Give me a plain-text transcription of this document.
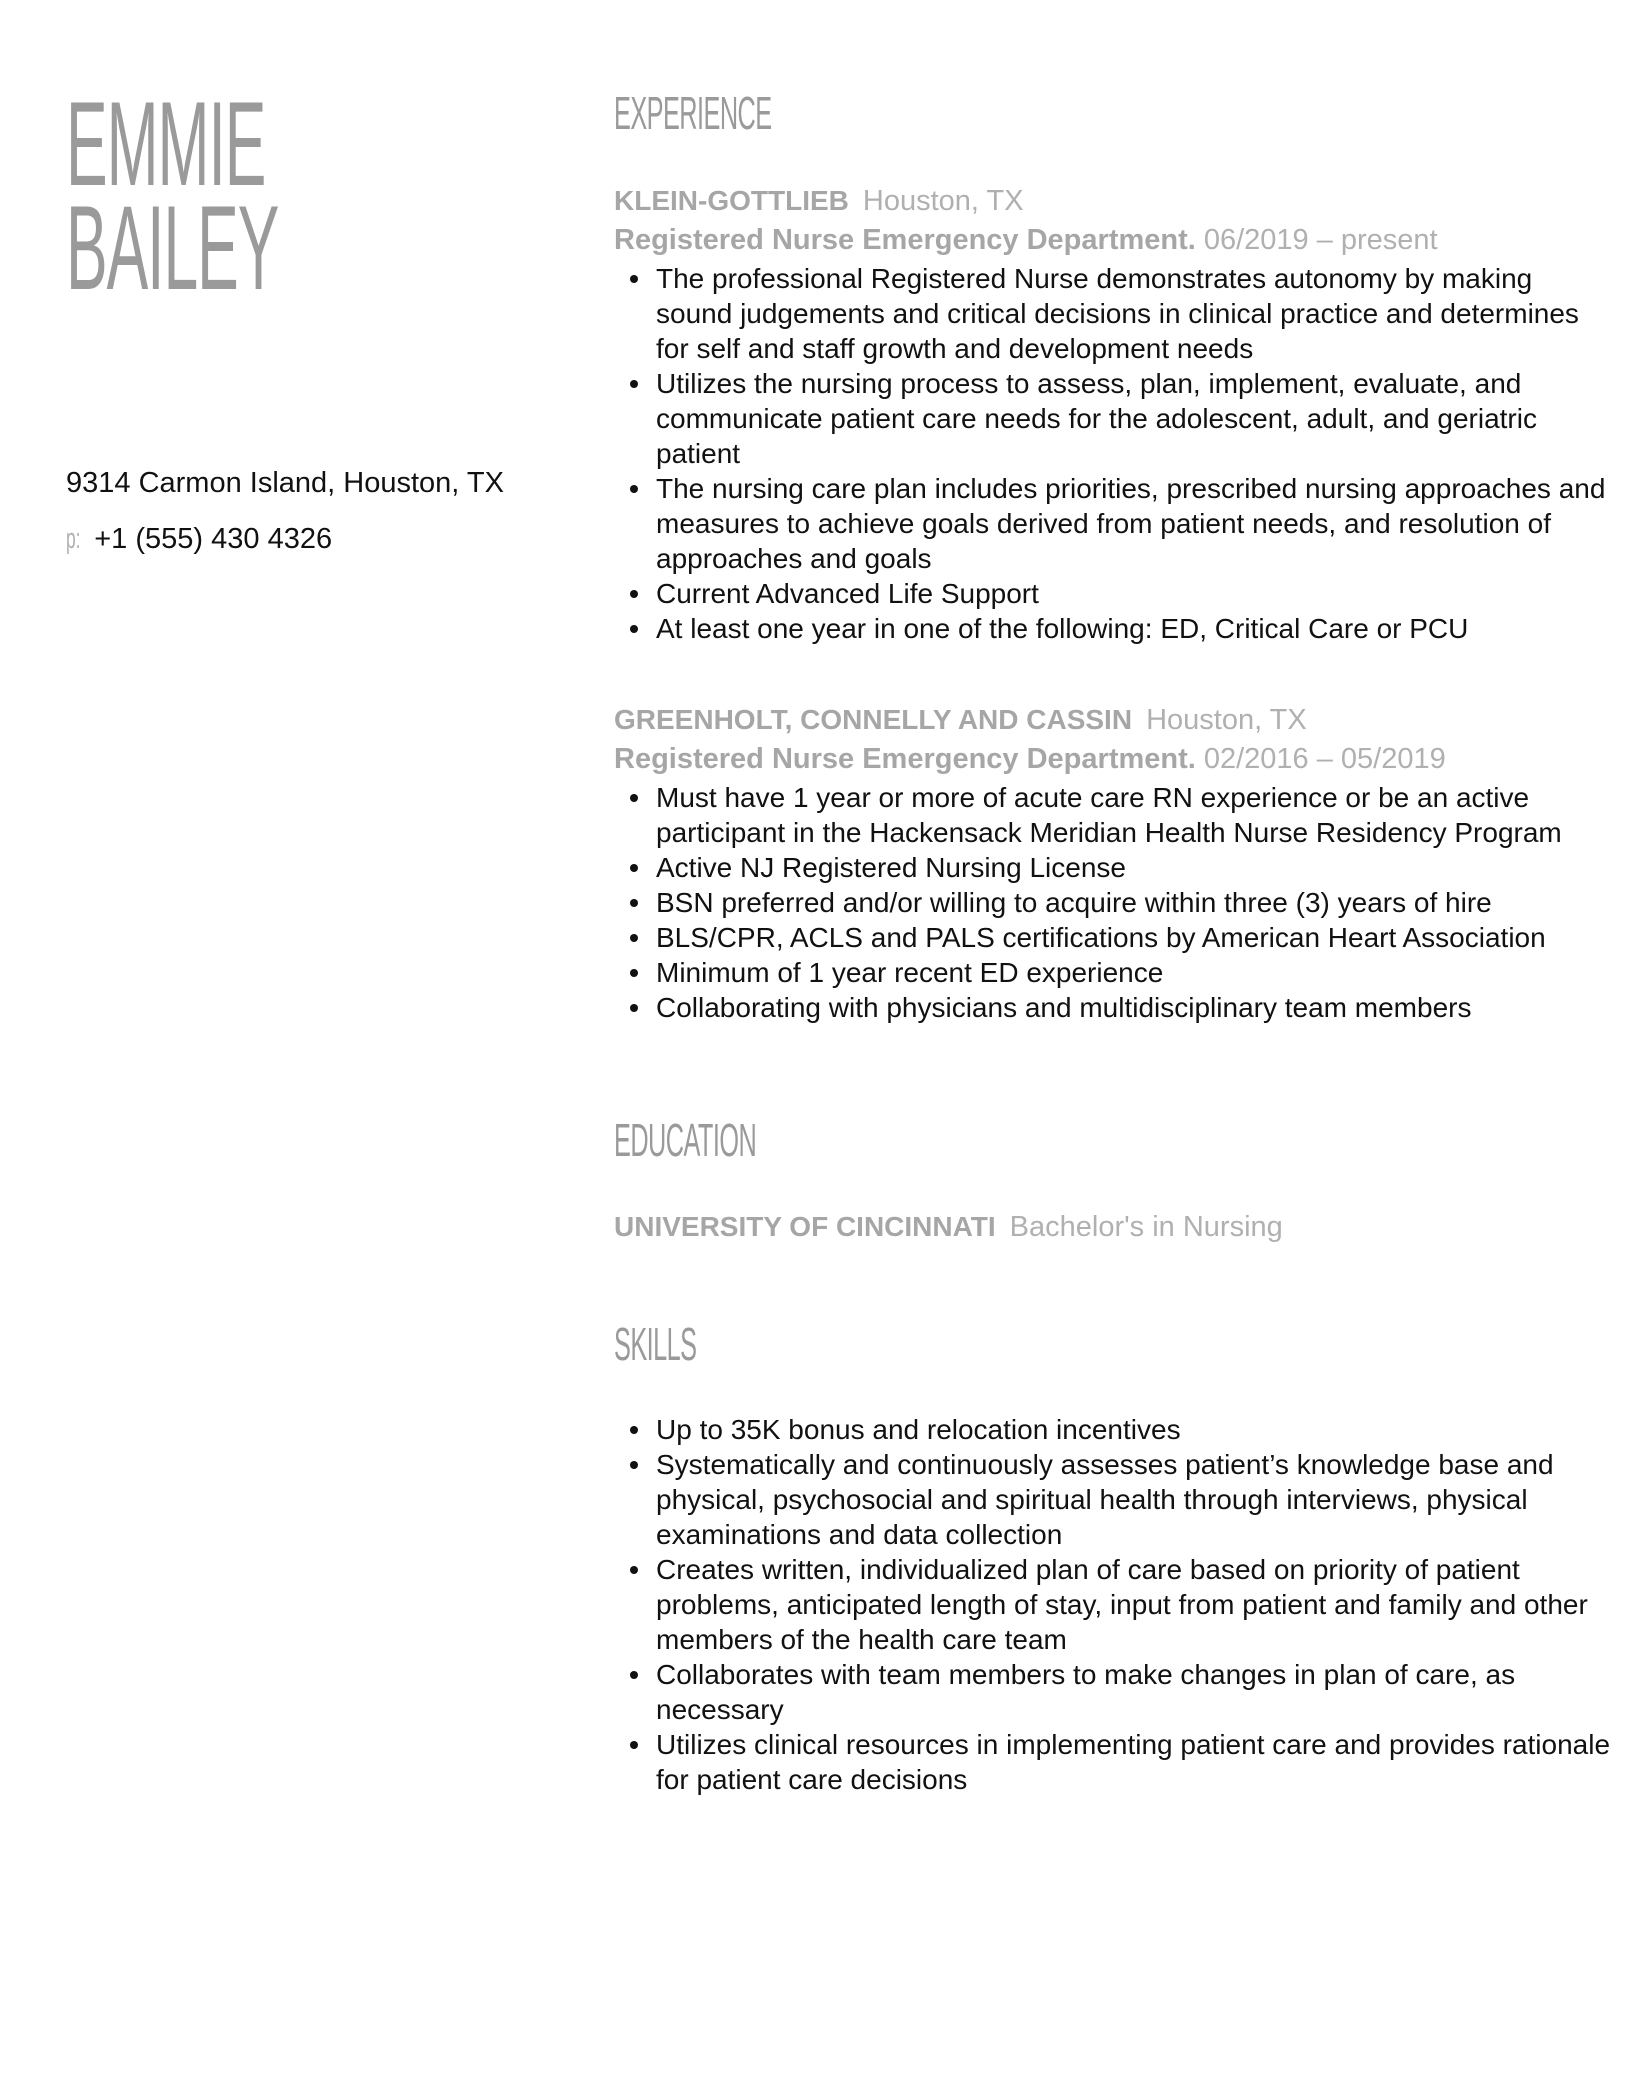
EMMIE
BAILEY
9314 Carmon Island, Houston, TX
p: +1 (555) 430 4326
EXPERIENCE
KLEIN-GOTTLIEB Houston, TX
Registered Nurse Emergency Department. 06/2019 – present
The professional Registered Nurse demonstrates autonomy by making sound judgements and critical decisions in clinical practice and determines for self and staff growth and development needs
Utilizes the nursing process to assess, plan, implement, evaluate, and communicate patient care needs for the adolescent, adult, and geriatric patient
The nursing care plan includes priorities, prescribed nursing approaches and measures to achieve goals derived from patient needs, and resolution of approaches and goals
Current Advanced Life Support
At least one year in one of the following: ED, Critical Care or PCU
GREENHOLT, CONNELLY AND CASSIN Houston, TX
Registered Nurse Emergency Department. 02/2016 – 05/2019
Must have 1 year or more of acute care RN experience or be an active participant in the Hackensack Meridian Health Nurse Residency Program
Active NJ Registered Nursing License
BSN preferred and/or willing to acquire within three (3) years of hire
BLS/CPR, ACLS and PALS certifications by American Heart Association
Minimum of 1 year recent ED experience
Collaborating with physicians and multidisciplinary team members
EDUCATION
UNIVERSITY OF CINCINNATI Bachelor's in Nursing
SKILLS
Up to 35K bonus and relocation incentives
Systematically and continuously assesses patient’s knowledge base and physical, psychosocial and spiritual health through interviews, physical examinations and data collection
Creates written, individualized plan of care based on priority of patient problems, anticipated length of stay, input from patient and family and other members of the health care team
Collaborates with team members to make changes in plan of care, as necessary
Utilizes clinical resources in implementing patient care and provides rationale for patient care decisions
